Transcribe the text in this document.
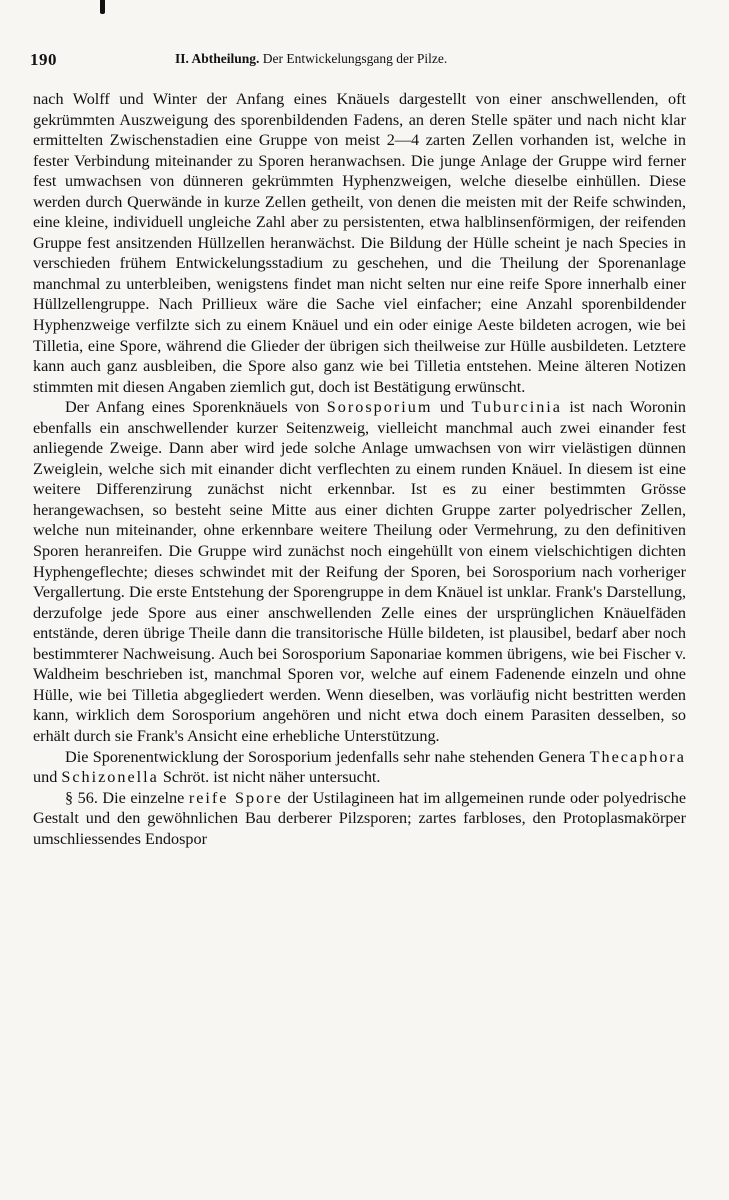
190	II. Abtheilung. Der Entwickelungsgang der Pilze.

nach Wolff und Winter der Anfang eines Knäuels dargestellt von einer anschwellenden, oft gekrümmten Auszweigung des sporenbildenden Fadens, an deren Stelle später und nach nicht klar ermittelten Zwischenstadien eine Gruppe von meist 2—4 zarten Zellen vorhanden ist, welche in fester Verbindung miteinander zu Sporen heranwachsen. Die junge Anlage der Gruppe wird ferner fest umwachsen von dünneren gekrümmten Hyphenzweigen, welche dieselbe einhüllen. Diese werden durch Querwände in kurze Zellen getheilt, von denen die meisten mit der Reife schwinden, eine kleine, individuell ungleiche Zahl aber zu persistenten, etwa halblinsenförmigen, der reifenden Gruppe fest ansitzenden Hüllzellen heranwächst. Die Bildung der Hülle scheint je nach Species in verschieden frühem Entwickelungsstadium zu geschehen, und die Theilung der Sporenanlage manchmal zu unterbleiben, wenigstens findet man nicht selten nur eine reife Spore innerhalb einer Hüllzellengruppe. Nach Prillieux wäre die Sache viel einfacher; eine Anzahl sporenbildender Hyphenzweige verfilzte sich zu einem Knäuel und ein oder einige Aeste bildeten acrogen, wie bei Tilletia, eine Spore, während die Glieder der übrigen sich theilweise zur Hülle ausbildeten. Letztere kann auch ganz ausbleiben, die Spore also ganz wie bei Tilletia entstehen. Meine älteren Notizen stimmten mit diesen Angaben ziemlich gut, doch ist Bestätigung erwünscht.

Der Anfang eines Sporenknäuels von Sorosporium und Tuburcinia ist nach Woronin ebenfalls ein anschwellender kurzer Seitenzweig, vielleicht manchmal auch zwei einander fest anliegende Zweige. Dann aber wird jede solche Anlage umwachsen von wirr vielästigen dünnen Zweiglein, welche sich mit einander dicht verflechten zu einem runden Knäuel. In diesem ist eine weitere Differenzirung zunächst nicht erkennbar. Ist es zu einer bestimmten Grösse herangewachsen, so besteht seine Mitte aus einer dichten Gruppe zarter polyedrischer Zellen, welche nun miteinander, ohne erkennbare weitere Theilung oder Vermehrung, zu den definitiven Sporen heranreifen. Die Gruppe wird zunächst noch eingehüllt von einem vielschichtigen dichten Hyphengeflechte; dieses schwindet mit der Reifung der Sporen, bei Sorosporium nach vorheriger Vergallertung. Die erste Entstehung der Sporengruppe in dem Knäuel ist unklar. Frank's Darstellung, derzufolge jede Spore aus einer anschwellenden Zelle eines der ursprünglichen Knäuelfäden entstände, deren übrige Theile dann die transitorische Hülle bildeten, ist plausibel, bedarf aber noch bestimmterer Nachweisung. Auch bei Sorosporium Saponariae kommen übrigens, wie bei Fischer v. Waldheim beschrieben ist, manchmal Sporen vor, welche auf einem Fadenende einzeln und ohne Hülle, wie bei Tilletia abgegliedert werden. Wenn dieselben, was vorläufig nicht bestritten werden kann, wirklich dem Sorosporium angehören und nicht etwa doch einem Parasiten desselben, so erhält durch sie Frank's Ansicht eine erhebliche Unterstützung.

Die Sporenentwicklung der Sorosporium jedenfalls sehr nahe stehenden Genera Thecaphora und Schizonella Schröt. ist nicht näher untersucht.

§ 56. Die einzelne reife Spore der Ustilagineen hat im allgemeinen runde oder polyedrische Gestalt und den gewöhnlichen Bau derberer Pilzsporen; zartes farbloses, den Protoplasmakörper umschliessendes Endospor
